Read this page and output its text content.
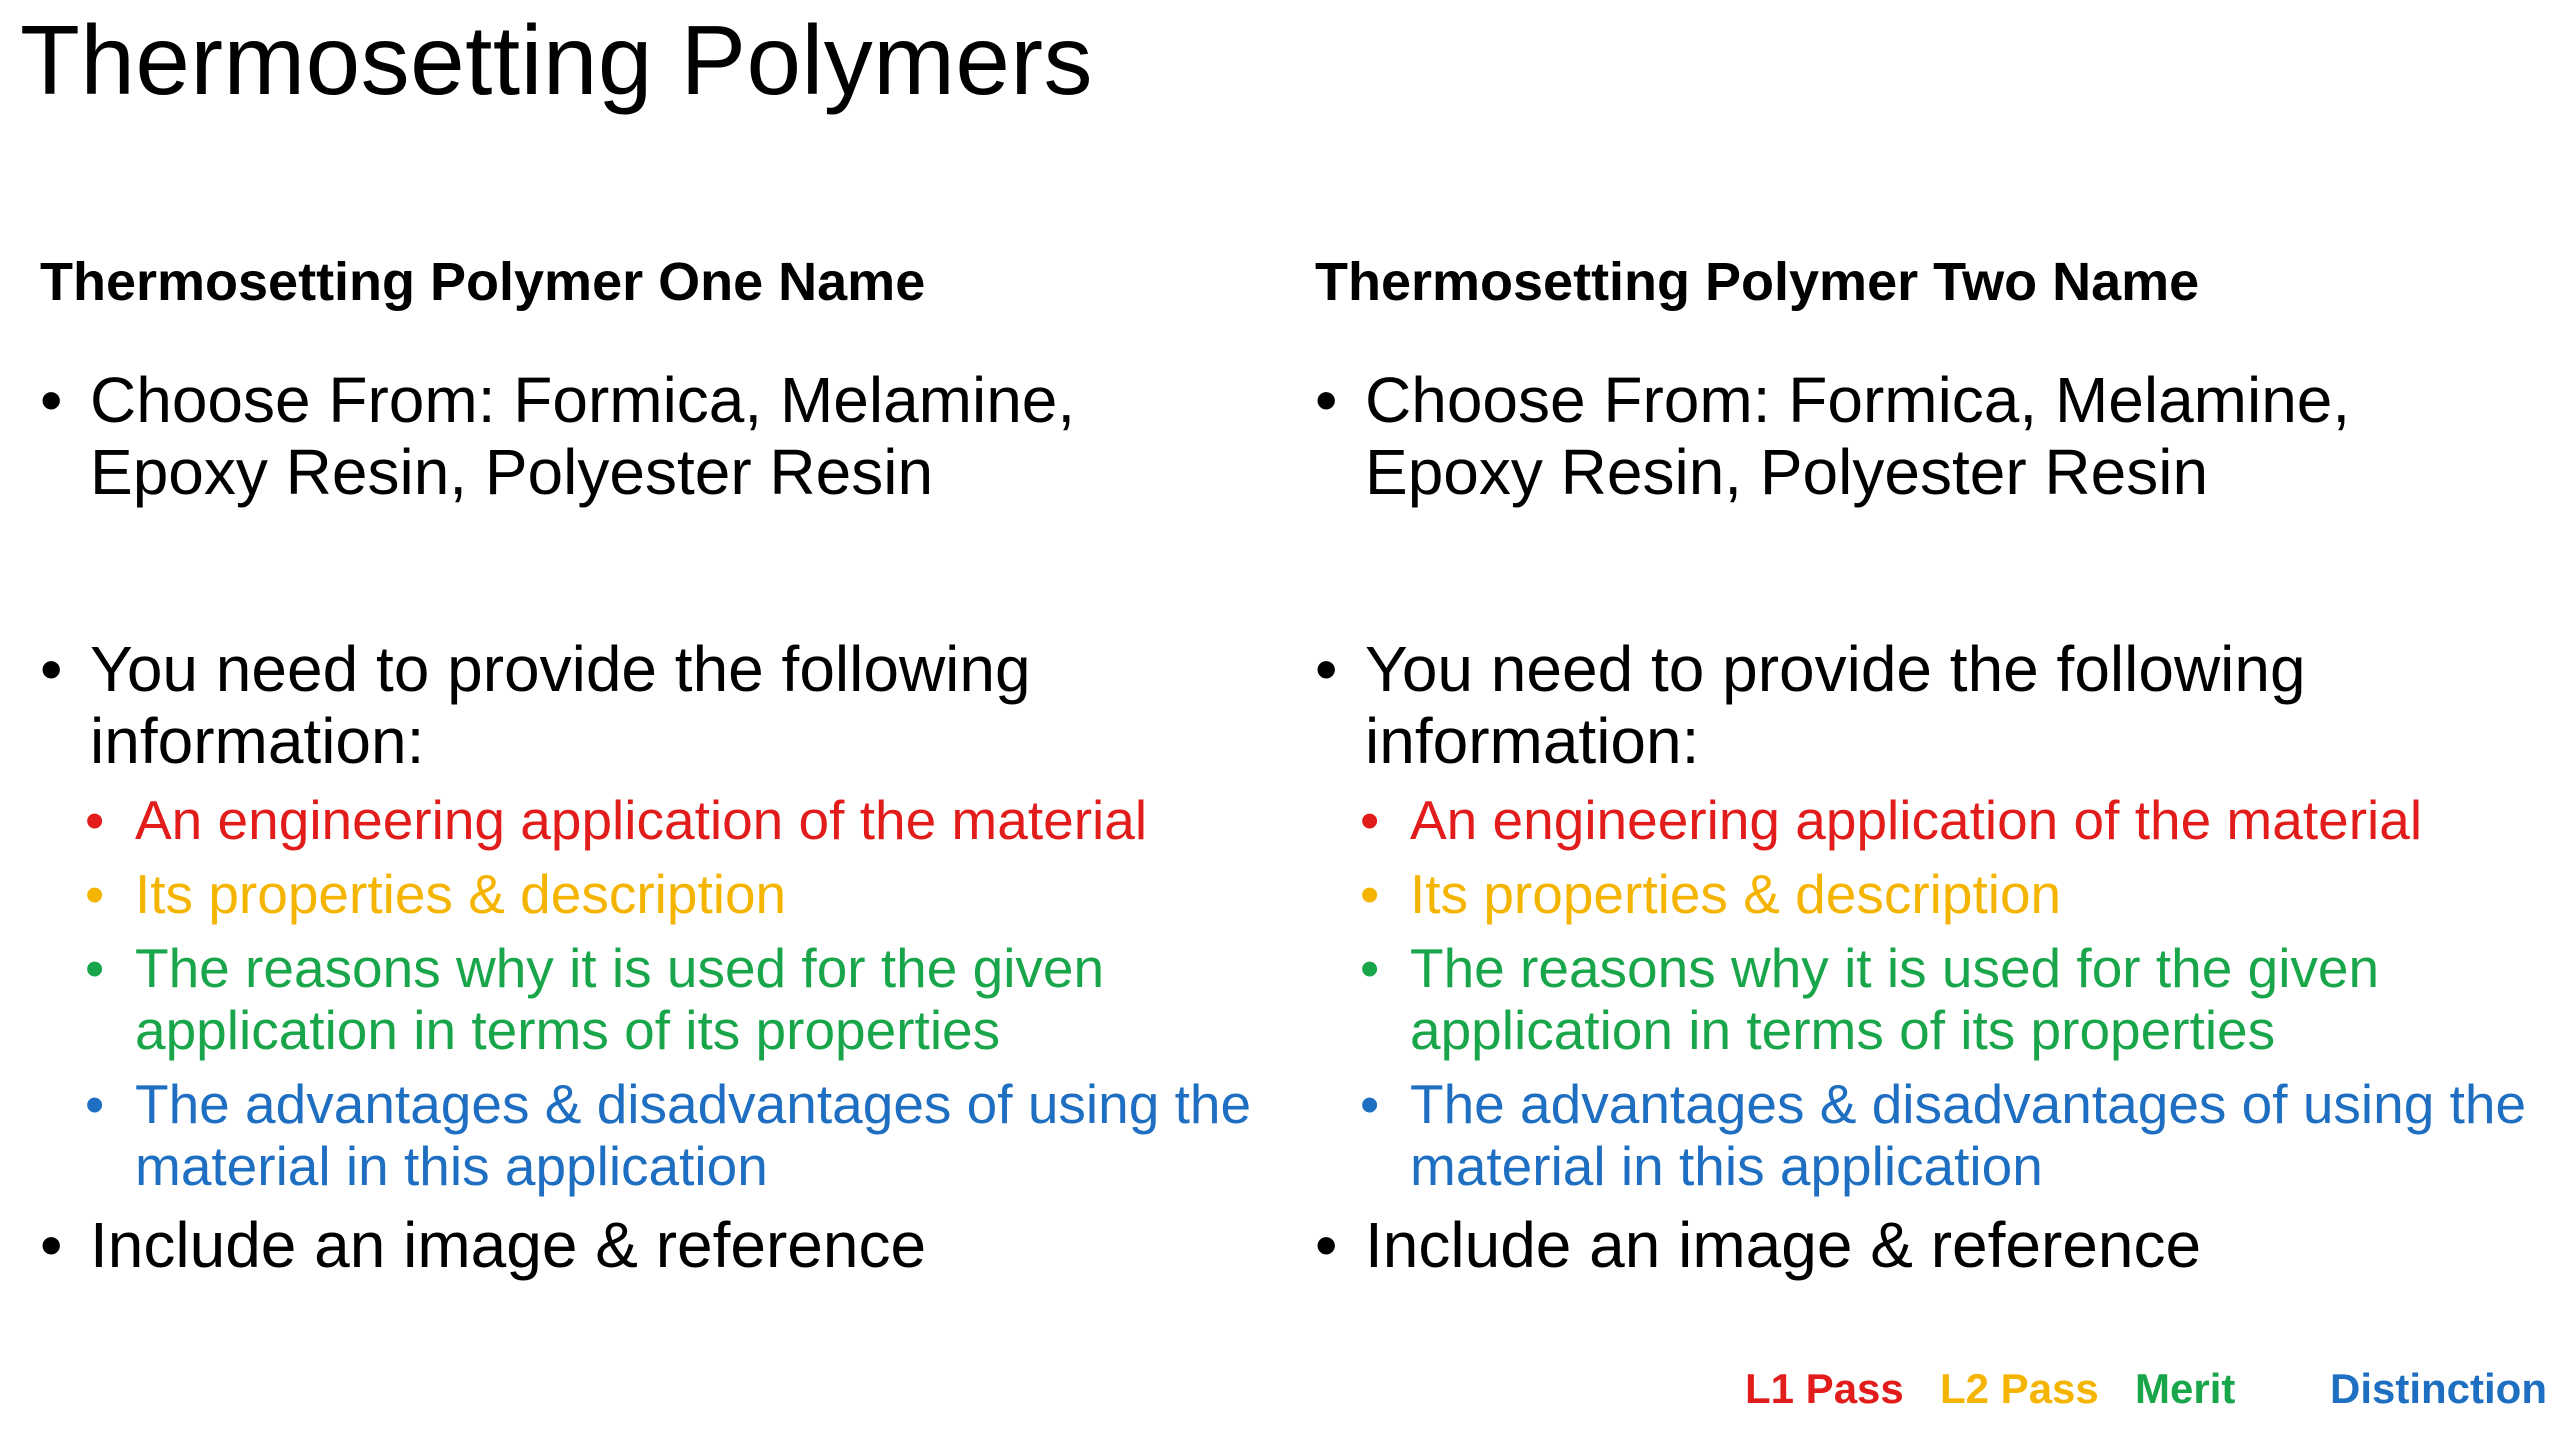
Thermosetting Polymers
Thermosetting Polymer One Name
• Choose From: Formica, Melamine, Epoxy Resin, Polyester Resin
• You need to provide the following information:
• An engineering application of the material
• Its properties & description
• The reasons why it is used for the given application in terms of its properties
• The advantages & disadvantages of using the material in this application
• Include an image & reference
Thermosetting Polymer Two Name
• Choose From: Formica, Melamine, Epoxy Resin, Polyester Resin
• You need to provide the following information:
• An engineering application of the material
• Its properties & description
• The reasons why it is used for the given application in terms of its properties
• The advantages & disadvantages of using the material in this application
• Include an image & reference
L1 Pass L2 Pass Merit Distinction
